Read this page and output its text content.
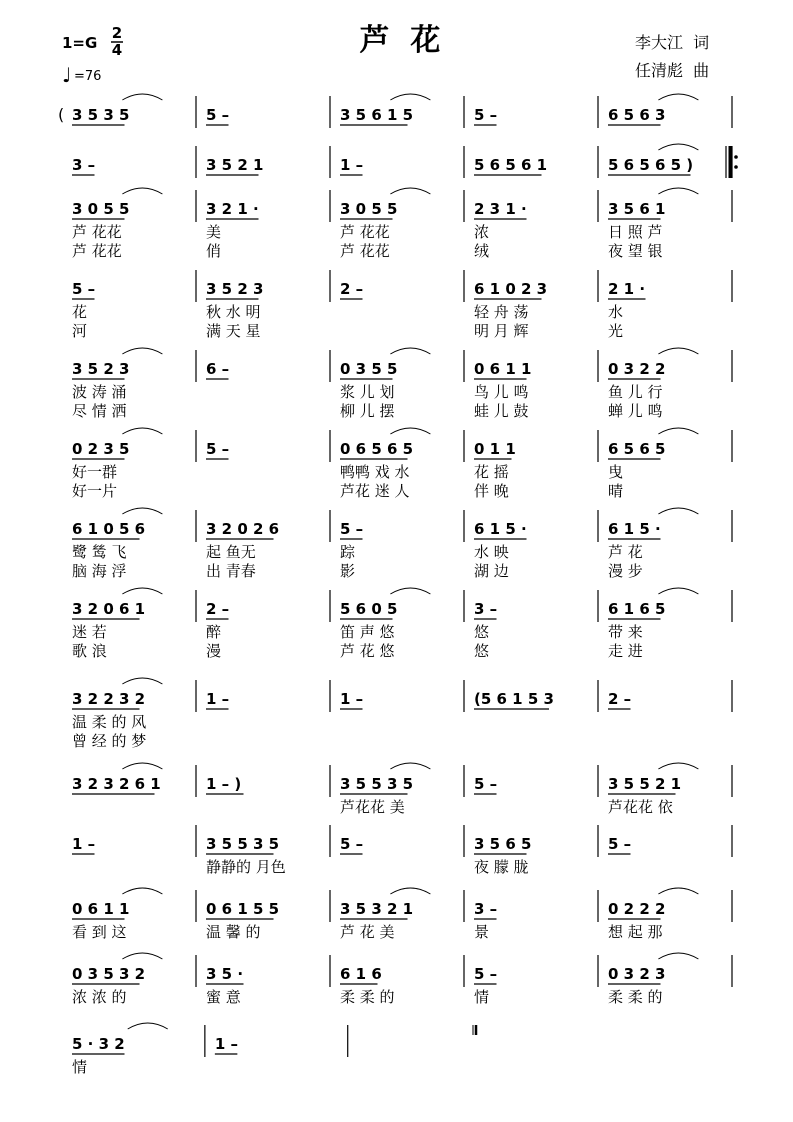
1=G
2
4
♩ =76
芦  花	李大江  词
任清彪  曲
3 5 3 5	5 –	3 5 6 1 5	5 –	6 5 6 3
(
3 –	3 5 2 1	1 –	5 6 5 6 1	5 6 5 6 5 )
3 0 5 5
芦 花花
芦 花花
3 2 1 ·
美
俏
3 0 5 5
芦 花花
芦 花花
2 3 1 ·
浓
绒
3 5 6 1
日 照 芦
夜 望 银
5 –
花
河
3 5 2 3
秋 水 明
满 天 星
2 –	6 1 0 2 3
轻 舟 荡
明 月 辉
2 1 ·
水
光
3 5 2 3
波 涛 涌
尽 情 洒
6 –	0 3 5 5
浆 儿 划
柳 儿 摆
0 6 1 1
鸟 儿 鸣
蛙 儿 鼓
0 3 2 2
鱼 儿 行
蝉 儿 鸣
0 2 3 5
好一群
好一片
5 –	0 6 5 6 5
鸭鸭 戏 水
芦花 迷 人
0 1 1
花 摇
伴 晚
6 5 6 5
曳
晴
6 1 0 5 6
鹭 鸶 飞
脑 海 浮
3 2 0 2 6
起 鱼无
出 青春
5 –
踪
影
6 1 5 ·
水 映
湖 边
6 1 5 ·
芦 花
漫 步
3 2 0 6 1
迷 若
歌 浪
2 –
醉
漫
5 6 0 5
笛 声 悠
芦 花 悠
3 –
悠
悠
6 1 6 5
带 来
走 进
3 2 2 3 2
温 柔 的 风
曾 经 的 梦
1 –	1 –	(5 6 1 5 3	2 –
3 2 3 2 6 1	1 – )	3 5 5 3 5
芦花花 美
5 –	3 5 5 2 1
芦花花 依
1 –	3 5 5 3 5
静静的 月色
5 –	3 5 6 5
夜 朦 胧
5 –
0 6 1 1
看 到 这
0 6 1 5 5
温 馨 的
3 5 3 2 1
芦 花 美
3 –
景
0 2 2 2
想 起 那
0 3 5 3 2
浓 浓 的
3 5 ·
蜜 意
6 1 6
柔 柔 的
5 –
情
0 3 2 3
柔 柔 的
5 · 3 2
情
1 –
